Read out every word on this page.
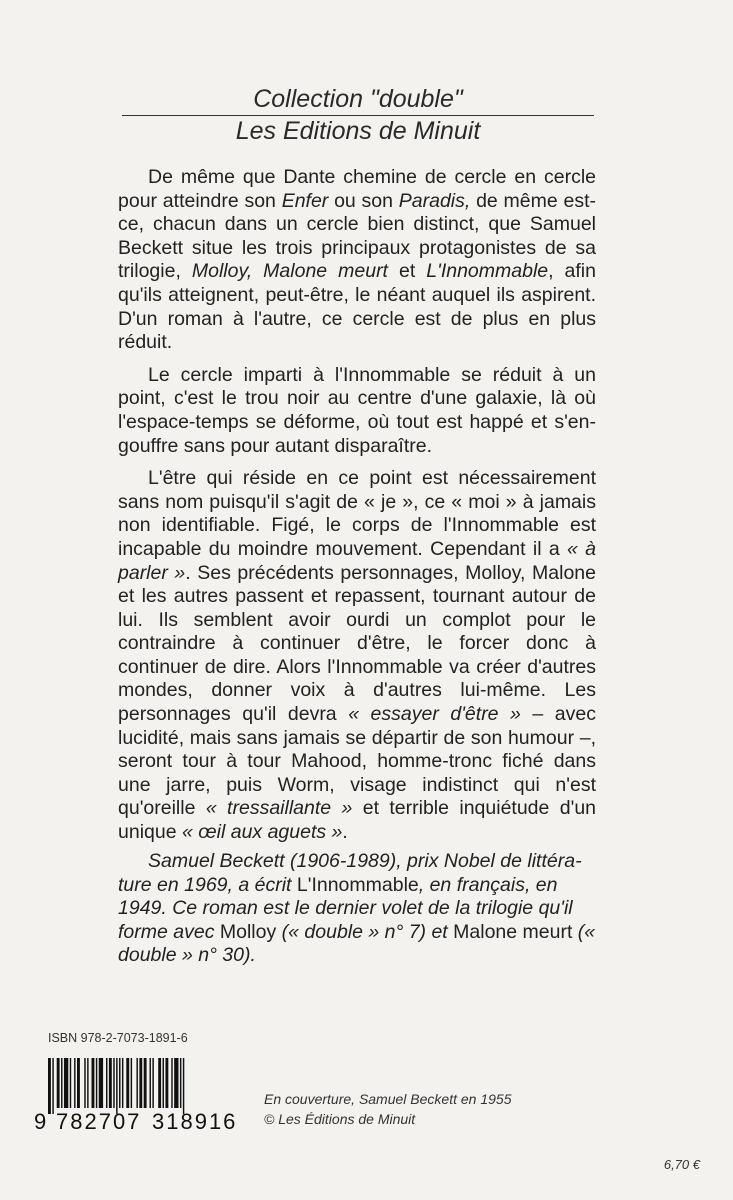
Collection "double"
Les Editions de Minuit

De même que Dante chemine de cercle en cercle pour atteindre son Enfer ou son Paradis, de même est-ce, chacun dans un cercle bien distinct, que Samuel Beckett situe les trois principaux protagonistes de sa trilogie, Molloy, Malone meurt et L'Innommable, afin qu'ils atteignent, peut-être, le néant auquel ils aspirent. D'un roman à l'autre, ce cercle est de plus en plus réduit.

Le cercle imparti à l'Innommable se réduit à un point, c'est le trou noir au centre d'une galaxie, là où l'espace-temps se déforme, où tout est happé et s'engouffre sans pour autant disparaître.

L'être qui réside en ce point est nécessairement sans nom puisqu'il s'agit de « je », ce « moi » à jamais non identifiable. Figé, le corps de l'Innommable est incapable du moindre mouvement. Cependant il a « à parler ». Ses précédents personnages, Molloy, Malone et les autres passent et repassent, tournant autour de lui. Ils semblent avoir ourdi un complot pour le contraindre à continuer d'être, le forcer donc à continuer de dire. Alors l'Innommable va créer d'autres mondes, donner voix à d'autres lui-même. Les personnages qu'il devra « essayer d'être » – avec lucidité, mais sans jamais se départir de son humour –, seront tour à tour Mahood, homme-tronc fiché dans une jarre, puis Worm, visage indistinct qui n'est qu'oreille « tressaillante » et terrible inquiétude d'un unique « œil aux aguets ».

Samuel Beckett (1906-1989), prix Nobel de littérature en 1969, a écrit L'Innommable, en français, en 1949. Ce roman est le dernier volet de la trilogie qu'il forme avec Molloy (« double » n° 7) et Malone meurt (« double » n° 30).

ISBN 978-2-7073-1891-6
9 782707 318916
En couverture, Samuel Beckett en 1955
© Les Éditions de Minuit
6,70 €
